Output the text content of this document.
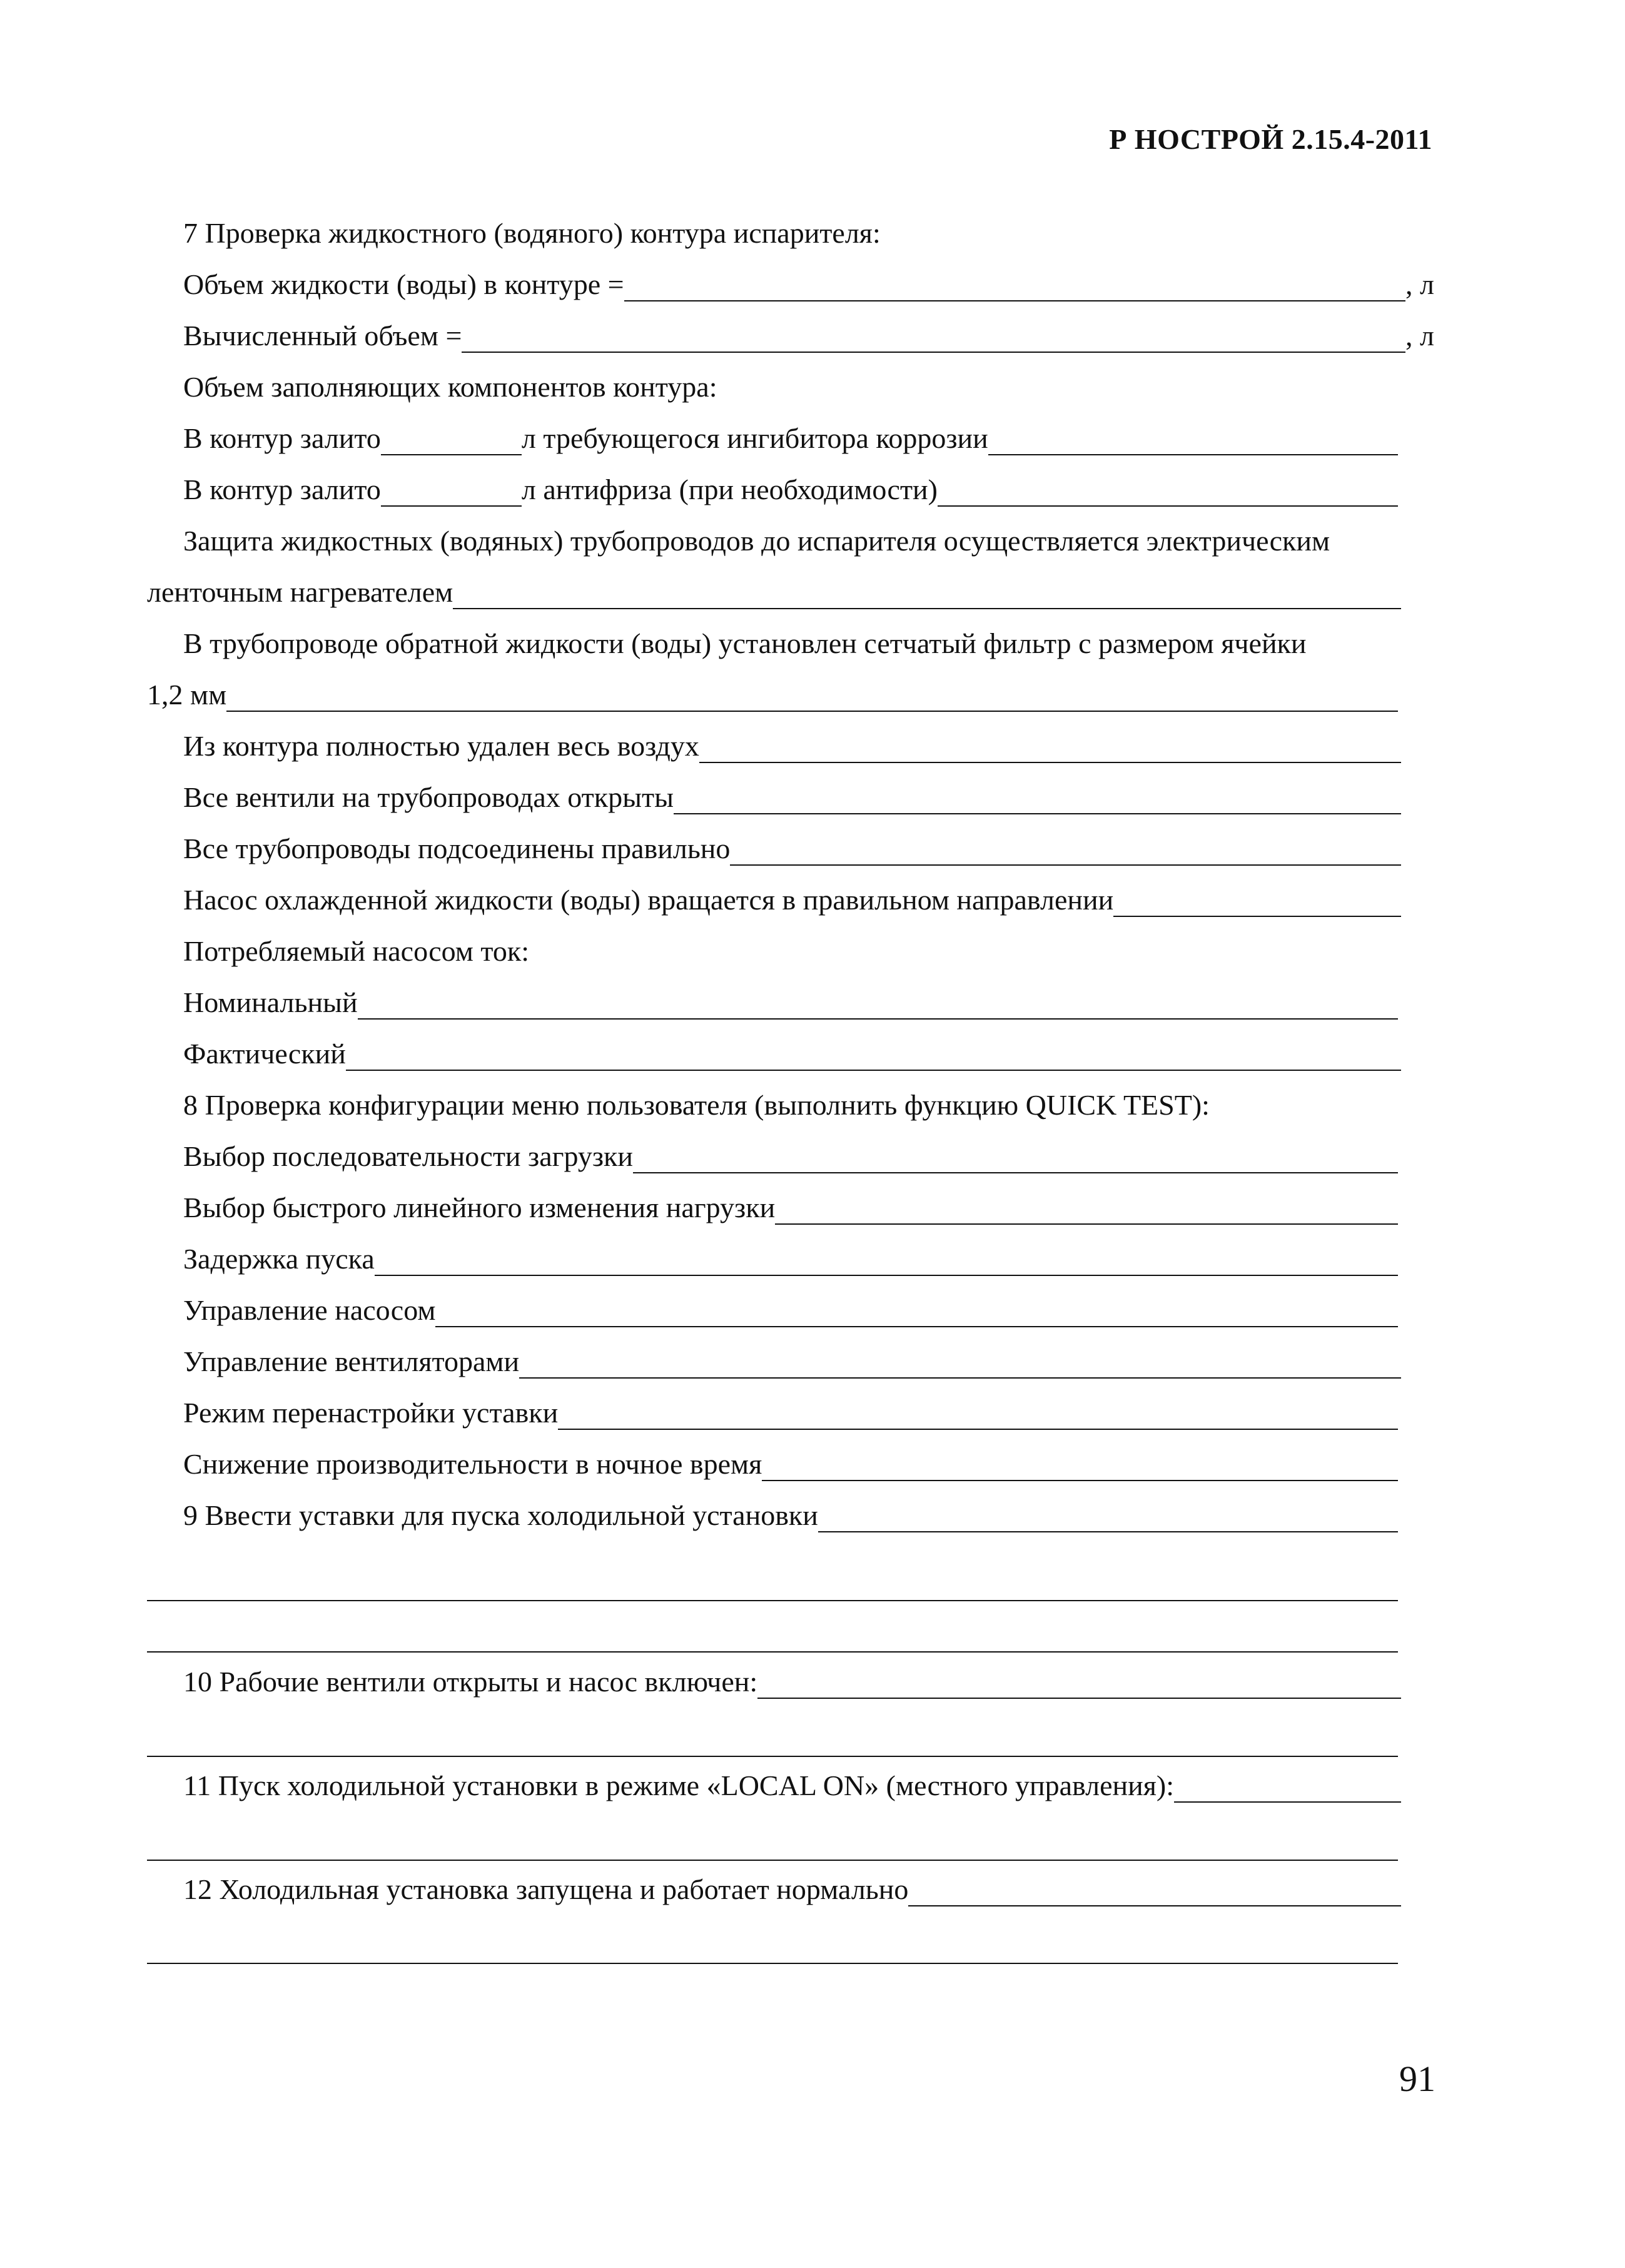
Р НОСТРОЙ 2.15.4-2011
7 Проверка жидкостного (водяного) контура испарителя:
Объем жидкости (воды) в контуре =	, л
Вычисленный объем =	, л
Объем заполняющих компонентов контура:
В контур залито	л требующегося ингибитора коррозии
В контур залито	л антифриза (при необходимости)
Защита жидкостных (водяных) трубопроводов до испарителя осуществляется электрическим
ленточным нагревателем
В трубопроводе обратной жидкости (воды) установлен сетчатый фильтр с размером ячейки
1,2 мм
Из контура полностью удален весь воздух
Все вентили на трубопроводах открыты
Все трубопроводы подсоединены правильно
Насос охлажденной жидкости (воды) вращается в правильном направлении
Потребляемый насосом ток:
Номинальный
Фактический
8 Проверка конфигурации меню пользователя (выполнить функцию QUICK TEST):
Выбор последовательности загрузки
Выбор быстрого линейного изменения нагрузки
Задержка пуска
Управление насосом
Управление вентиляторами
Режим перенастройки уставки
Снижение производительности в ночное время
9 Ввести уставки для пуска холодильной установки
10 Рабочие вентили открыты и насос включен:
11 Пуск холодильной установки в режиме «LOCAL ON» (местного управления):
12 Холодильная установка запущена и работает нормально
91
